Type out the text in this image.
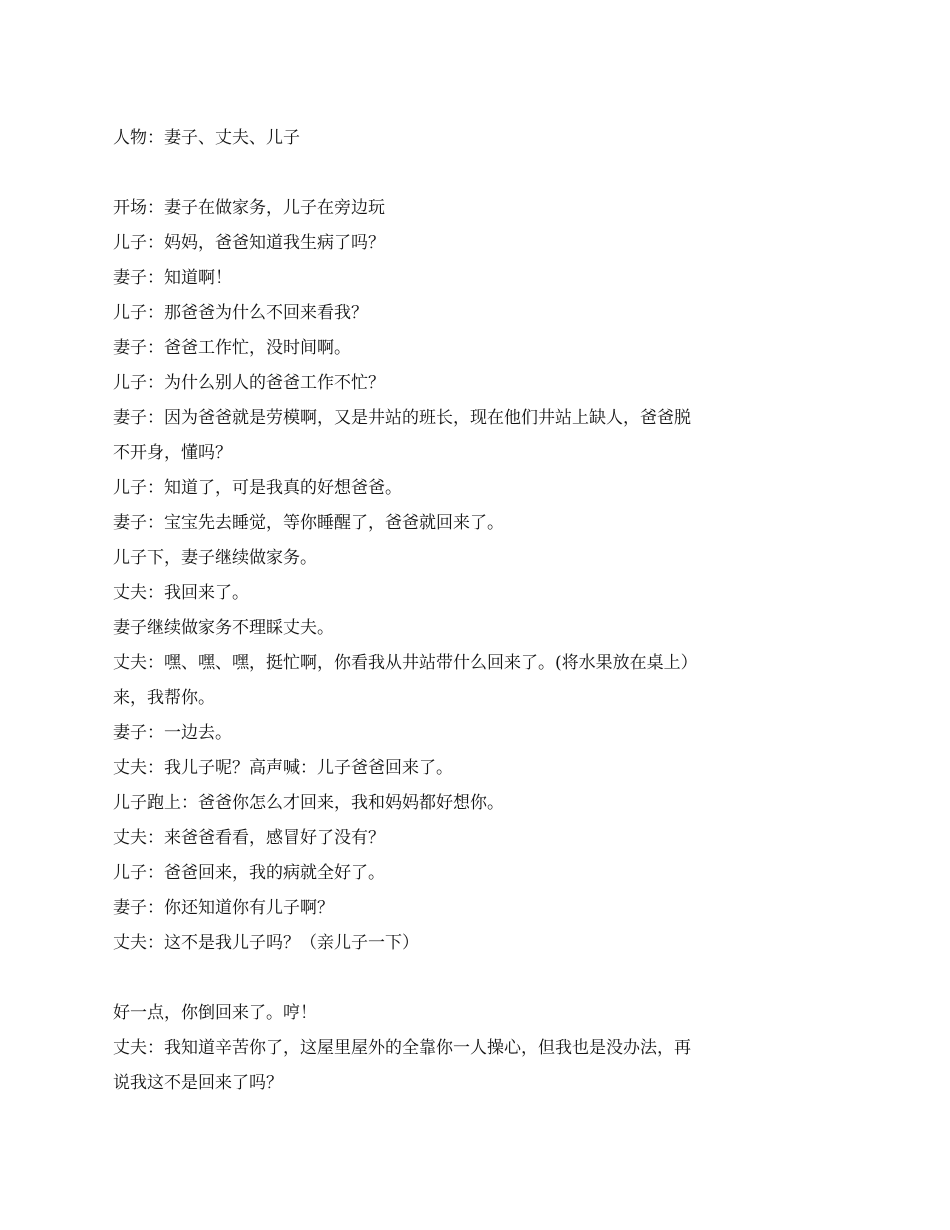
人物：妻子、丈夫、儿子
开场：妻子在做家务，儿子在旁边玩
儿子：妈妈，爸爸知道我生病了吗？
妻子：知道啊！
儿子：那爸爸为什么不回来看我？
妻子：爸爸工作忙，没时间啊。
儿子：为什么别人的爸爸工作不忙？
妻子：因为爸爸就是劳模啊，又是井站的班长，现在他们井站上缺人，爸爸脱
不开身，懂吗？
儿子：知道了，可是我真的好想爸爸。
妻子：宝宝先去睡觉，等你睡醒了，爸爸就回来了。
儿子下，妻子继续做家务。
丈夫：我回来了。
妻子继续做家务不理睬丈夫。
丈夫：嘿、嘿、嘿，挺忙啊，你看我从井站带什么回来了。(将水果放在桌上）
来，我帮你。
妻子：一边去。
丈夫：我儿子呢？高声喊：儿子爸爸回来了。
儿子跑上：爸爸你怎么才回来，我和妈妈都好想你。
丈夫：来爸爸看看，感冒好了没有？
儿子：爸爸回来，我的病就全好了。
妻子：你还知道你有儿子啊？
丈夫：这不是我儿子吗？（亲儿子一下）
好一点，你倒回来了。哼！
丈夫：我知道辛苦你了，这屋里屋外的全靠你一人操心，但我也是没办法，再
说我这不是回来了吗？
